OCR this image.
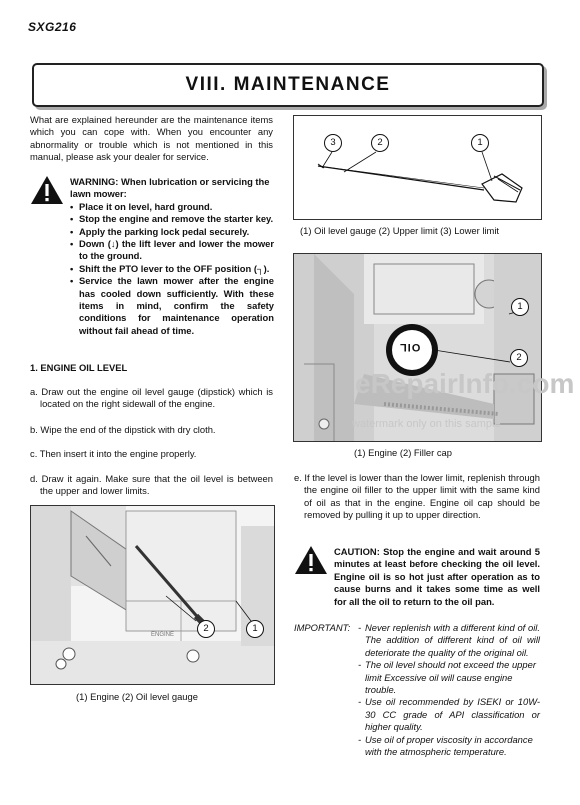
SXG216
VIII. MAINTENANCE
What are explained hereunder are the maintenance items which you can cope with. When you encounter any abnormality or trouble which is not mentioned in this manual, please ask your dealer for service.
WARNING: When lubrication or servicing the lawn mower:
• Place it on level, hard ground.
• Stop the engine and remove the starter key.
• Apply the parking lock pedal securely.
• Down (↓) the lift lever and lower the mower to the ground.
• Shift the PTO lever to the OFF position (┐).
• Service the lawn mower after the engine has cooled down sufficiently. With these items in mind, confirm the safety conditions for maintenance operation without fail ahead of time.
1. ENGINE OIL LEVEL
a. Draw out the engine oil level gauge (dipstick) which is located on the right sidewall of the engine.
b. Wipe the end of the dipstick with dry cloth.
c. Then insert it into the engine properly.
d. Draw it again. Make sure that the oil level is between the upper and lower limits.
ENGINE
2	1
(1) Engine (2) Oil level gauge
3	2	1
(1) Oil level gauge (2) Upper limit (3) Lower limit
OIL
1
2
(1) Engine (2) Filler cap
e. If the level is lower than the lower limit, replenish through the engine oil filler to the upper limit with the same kind of oil as that in the engine. Engine oil cap should be removed by pulling it up to upper direction.
CAUTION: Stop the engine and wait around 5 minutes at least before checking the oil level. Engine oil is so hot just after operation as to cause burns and it takes some time as well for all the oil to return to the oil pan.
IMPORTANT:
-	Never replenish with a different kind of oil. The addition of different kind of oil will deteriorate the quality of the original oil.
- The oil level should not exceed the upper limit Excessive oil will cause engine trouble.
- Use oil recommended by ISEKI or 10W-30 CC grade of API classification or higher quality.
- Use oil of proper viscosity in accordance with the atmospheric temperature.
eRepairInfo.com
watermark only on this sample
